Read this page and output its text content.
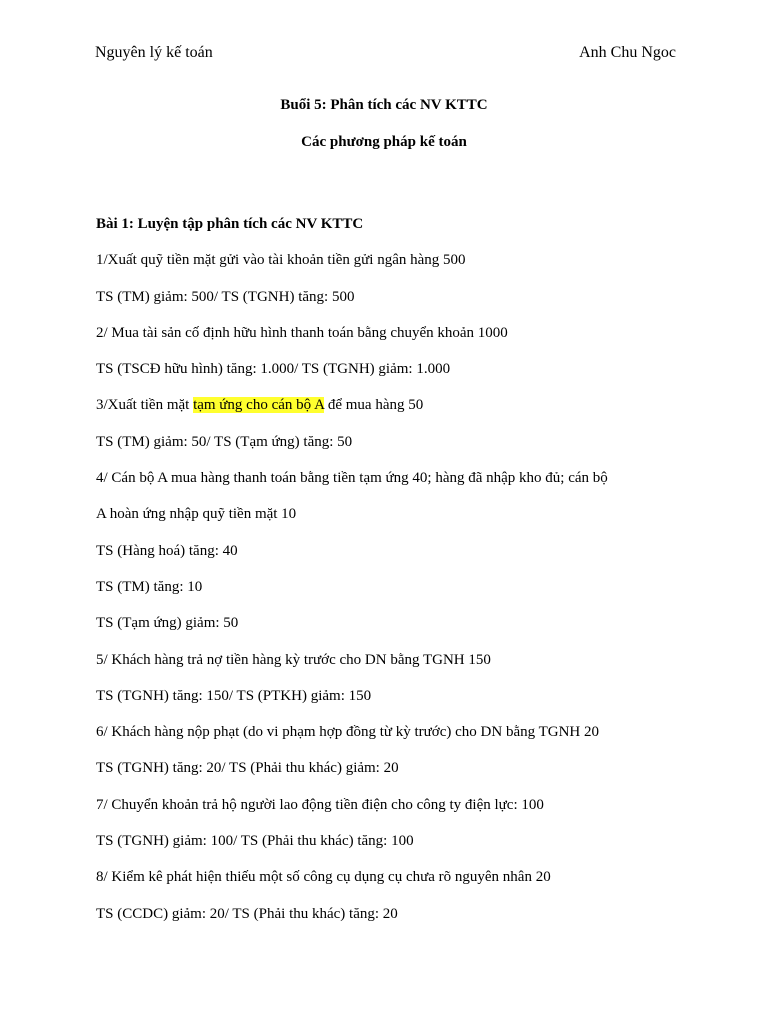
Nguyên lý kế toán	Anh Chu Ngoc
Buổi 5: Phân tích các NV KTTC
Các phương pháp kế toán
Bài 1: Luyện tập phân tích các NV KTTC
1/Xuất quỹ tiền mặt gửi vào tài khoản tiền gửi ngân hàng 500
TS (TM) giảm: 500/ TS (TGNH) tăng: 500
2/ Mua tài sản cố định hữu hình thanh toán bằng chuyển khoản 1000
TS (TSCĐ hữu hình) tăng: 1.000/ TS (TGNH) giảm: 1.000
3/Xuất tiền mặt tạm ứng cho cán bộ A để mua hàng 50
TS (TM) giảm: 50/ TS (Tạm ứng) tăng: 50
4/ Cán bộ A mua hàng thanh toán bằng tiền tạm ứng 40; hàng đã nhập kho đủ; cán bộ
A hoàn ứng nhập quỹ tiền mặt 10
TS (Hàng hoá) tăng: 40
TS (TM) tăng: 10
TS (Tạm ứng) giảm: 50
5/ Khách hàng trả nợ tiền hàng kỳ trước cho DN bằng TGNH 150
TS (TGNH) tăng: 150/ TS (PTKH) giảm: 150
6/ Khách hàng nộp phạt (do vi phạm hợp đồng từ kỳ trước) cho DN bằng TGNH 20
TS (TGNH) tăng: 20/ TS (Phải thu khác) giảm: 20
7/ Chuyển khoản trả hộ người lao động tiền điện cho công ty điện lực: 100
TS (TGNH) giảm: 100/ TS (Phải thu khác) tăng: 100
8/ Kiểm kê phát hiện thiếu một số công cụ dụng cụ chưa rõ nguyên nhân 20
TS (CCDC) giảm: 20/ TS (Phải thu khác) tăng: 20
